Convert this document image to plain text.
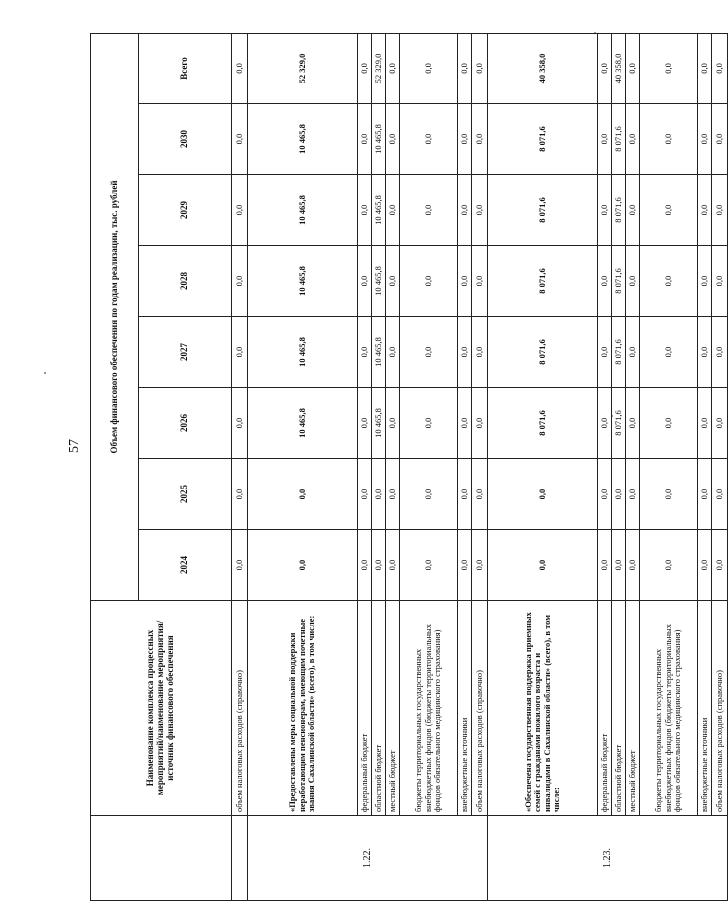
57
	Наименование комплекса процессных мероприятий/наименование мероприятия/ источник финансового обеспечения	Объем финансового обеспечения по годам реализации, тыс. рублей							
		2024	2025	2026	2027	2028	2029	2030	Всего
	объем налоговых расходов (справочно)	0,0	0,0	0,0	0,0	0,0	0,0	0,0	0,0
1.22.	«Предоставлены меры социальной поддержки неработающим пенсионерам, имеющим почетные звания Сахалинской области» (всего), в том числе:	0,0	0,0	10 465,8	10 465,8	10 465,8	10 465,8	10 465,8	52 329,0
	федеральный бюджет	0,0	0,0	0,0	0,0	0,0	0,0	0,0	0,0
	областной бюджет	0,0	0,0	10 465,8	10 465,8	10 465,8	10 465,8	10 465,8	52 329,0
	местный бюджет	0,0	0,0	0,0	0,0	0,0	0,0	0,0	0,0
	бюджеты территориальных государственных внебюджетных фондов (бюджеты территориальных фондов обязательного медицинского страхования)	0,0	0,0	0,0	0,0	0,0	0,0	0,0	0,0
	внебюджетные источники	0,0	0,0	0,0	0,0	0,0	0,0	0,0	0,0
	объем налоговых расходов (справочно)	0,0	0,0	0,0	0,0	0,0	0,0	0,0	0,0
1.23.	«Обеспечена государственная поддержка приемных семей с гражданами пожилого возраста и инвалидами в Сахалинской области» (всего), в том числе:	0,0	0,0	8 071,6	8 071,6	8 071,6	8 071,6	8 071,6	40 358,0
	федеральный бюджет	0,0	0,0	0,0	0,0	0,0	0,0	0,0	0,0
	областной бюджет	0,0	0,0	8 071,6	8 071,6	8 071,6	8 071,6	8 071,6	40 358,0
	местный бюджет	0,0	0,0	0,0	0,0	0,0	0,0	0,0	0,0
	бюджеты территориальных государственных внебюджетных фондов (бюджеты территориальных фондов обязательного медицинского страхования)	0,0	0,0	0,0	0,0	0,0	0,0	0,0	0,0
	внебюджетные источники	0,0	0,0	0,0	0,0	0,0	0,0	0,0	0,0
	объем налоговых расходов (справочно)	0,0	0,0	0,0	0,0	0,0	0,0	0,0	0,0
